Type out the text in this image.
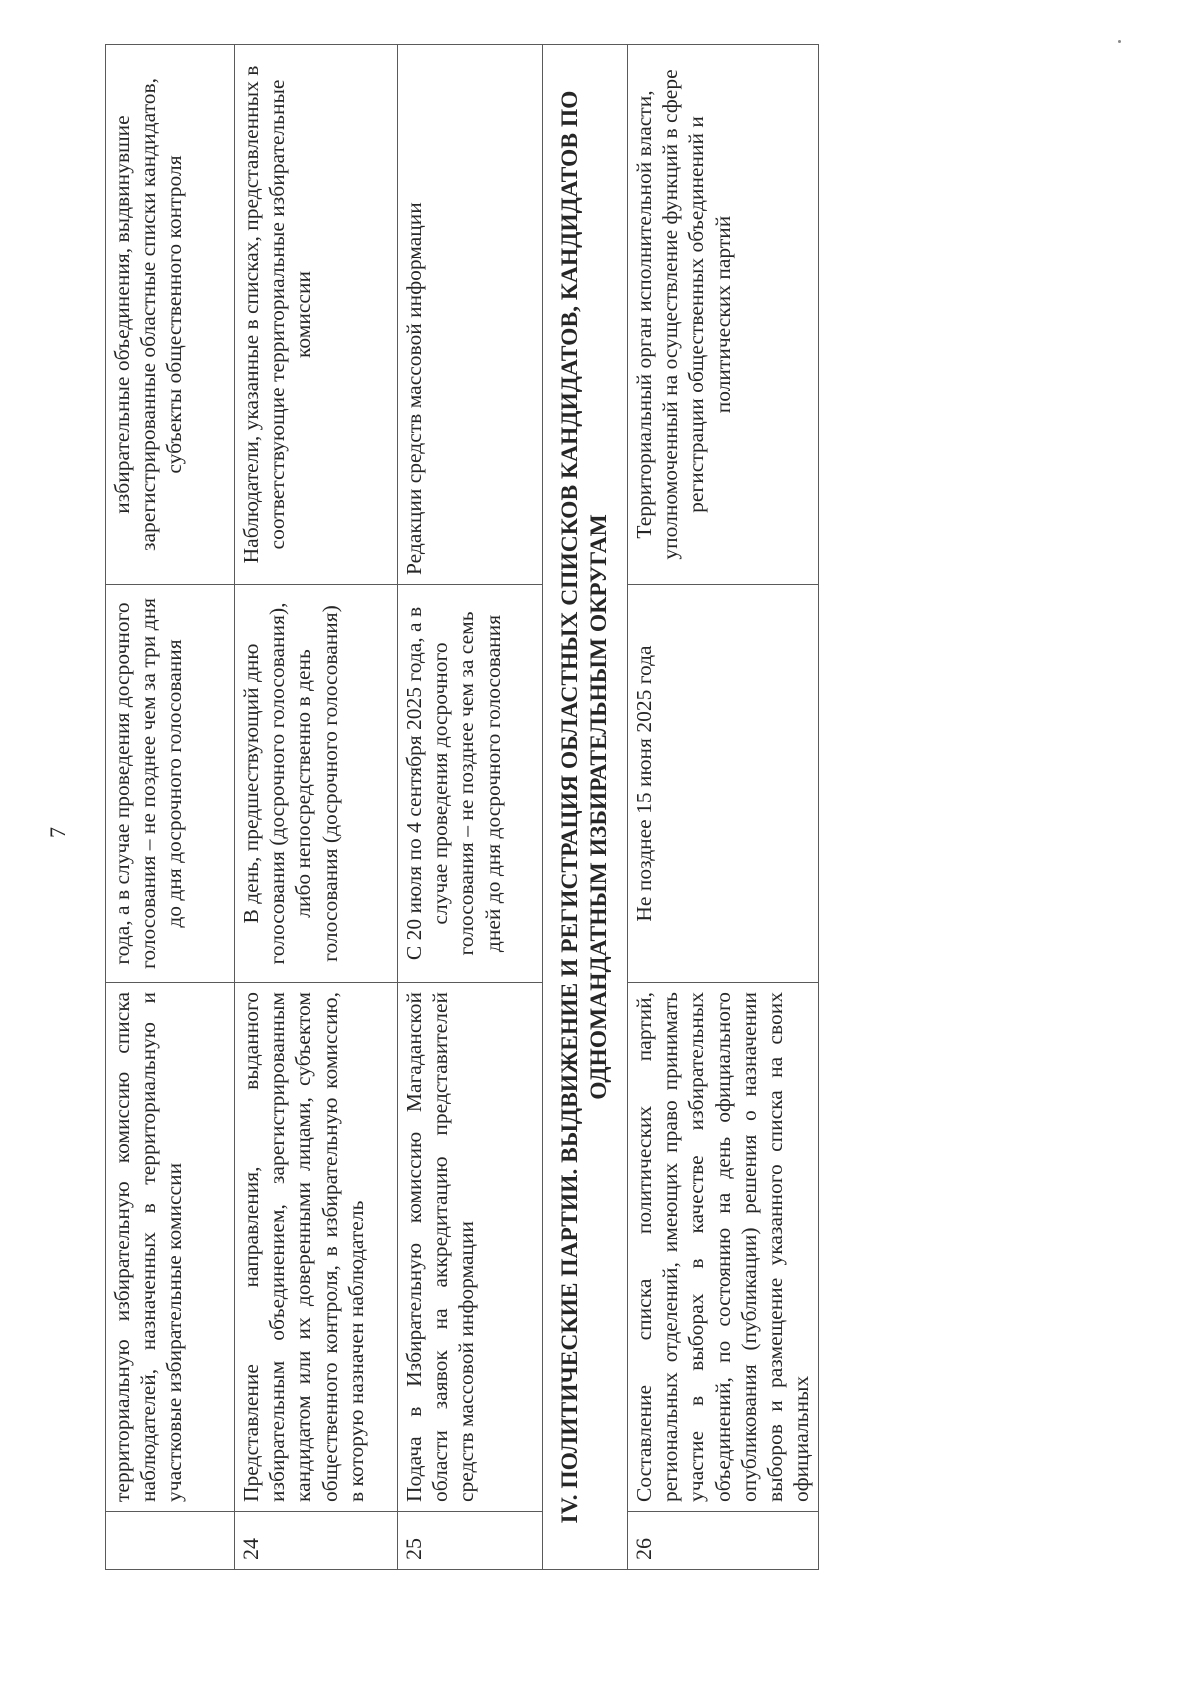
7
	территориальную избирательную комиссию списка наблюдателей, назначенных в территориальную и участковые избирательные комиссии	года, а в случае проведения досрочного голосования – не позднее чем за три дня до дня досрочного голосования	избирательные объединения, выдвинувшие зарегистрированные областные списки кандидатов, субъекты общественного контроля
24	Представление направления, выданного избирательным объединением, зарегистрированным кандидатом или их доверенными лицами, субъектом общественного контроля, в избирательную комиссию, в которую назначен наблюдатель	В день, предшествующий дню голосования (досрочного голосования), либо непосредственно в день голосования (досрочного голосования)	Наблюдатели, указанные в списках, представленных в соответствующие территориальные избирательные комиссии
25	Подача в Избирательную комиссию Магаданской области заявок на аккредитацию представителей средств массовой информации	С 20 июля по 4 сентября 2025 года, а в случае проведения досрочного голосования – не позднее чем за семь дней до дня досрочного голосования	Редакции средств массовой информации
IV. ПОЛИТИЧЕСКИЕ ПАРТИИ. ВЫДВИЖЕНИЕ И РЕГИСТРАЦИЯ ОБЛАСТНЫХ СПИСКОВ КАНДИДАТОВ, КАНДИДАТОВ ПО ОДНОМАНДАТНЫМ ИЗБИРАТЕЛЬНЫМ ОКРУГАМ			
26	Составление списка политических партий, региональных отделений, имеющих право принимать участие в выборах в качестве избирательных объединений, по состоянию на день официального опубликования (публикации) решения о назначении выборов и размещение указанного списка на своих официальных	Не позднее 15 июня 2025 года	Территориальный орган исполнительной власти, уполномоченный на осуществление функций в сфере регистрации общественных объединений и политических партий
